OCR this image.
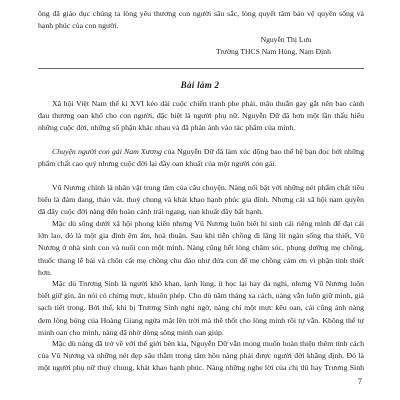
ông đã giáo dục chúng ta lòng yêu thương con người sâu sắc, lòng quyết tâm bảo vệ quyền sống và hạnh phúc của con người.
Nguyễn Thị Lưu
Trường THCS Nam Hùng, Nam Định
Bài làm 2
Xã hội Việt Nam thế kỉ XVI kéo dài cuộc chiến tranh phe phái, mâu thuẫn gay gắt nên bao cảnh đau thương oan khổ cho con người, đặc biệt là người phụ nữ. Nguyễn Dữ đã hơn một lần thấu hiểu những cuộc đời, những số phận khác nhau và đã phản ánh vào tác phẩm của mình.
Chuyện người con gái Nam Xương của Nguyễn Dữ đã làm xúc động bao thế hệ bạn đọc bởi những phẩm chất cao quý nhưng cuộc đời lại đầy oan khuất của một người con gái.
Vũ Nương chính là nhân vật trung tâm của câu chuyện. Nàng nổi bật với những nét phẩm chất tiêu biểu là đảm đang, thảo vát, thuỷ chung và khát khao hạnh phúc gia đình. Nhưng cái xã hội nam quyền đã đẩy cuộc đời nàng đến hoàn cảnh trái ngang, oan khuất đầy bất hạnh.
Mặc dù sống dưới xã hội phong kiến nhưng Vũ Nương luôn biết hi sinh cái riêng mình để đạt cái lớn lao, đó là một gia đình êm ấm, hoà thuận. Sau khi tiễn chồng đi lăng lít ngàn sống tha thiết, Vũ Nương ở nhà sinh con và nuôi con một mình. Nàng cũng hết lòng chăm sóc, phụng dưỡng mẹ chồng, thuốc thang lễ bái và chôn cất mẹ chồng chu đáo như đứa con để mẹ chồng cảm ơn vì phận tinh thiết hơn.
Mặc dù Trương Sinh là người khô khan, lạnh lùng, ít học lại hay đa nghi, nhưng Vũ Nương luôn biết giữ gìn, ăn nói có chừng mực, khuôn phép. Cho dù năm tháng xa cách, nàng vẫn luôn giữ mình, giá sạch tiết trong. Bởi thế, khi bị Trương Sinh nghi ngờ, nàng chỉ một mực kêu oan, cái cũng ảnh nàng đem lòng bóng của Hoàng Giang ngửa mặt lên trời mà thề thốt cho lòng minh rồi tự vẫn. Không thể tự minh oan cho mình, nàng đã nhờ dòng sông minh oan giúp.
Mặc dù nàng đã trở về với thế giới bên kia, Nguyễn Dữ vẫn mong muốn hoàn thiện thêm tính cách của Vũ Nương và những nét đẹp sâu thẳm trong tâm hồn nàng phải được người đời khẳng định. Đó là một người phụ nữ thuỷ chung, khát khao hạnh phúc. Nàng những nghe lời của chị thì hay Trương Sinh
7
